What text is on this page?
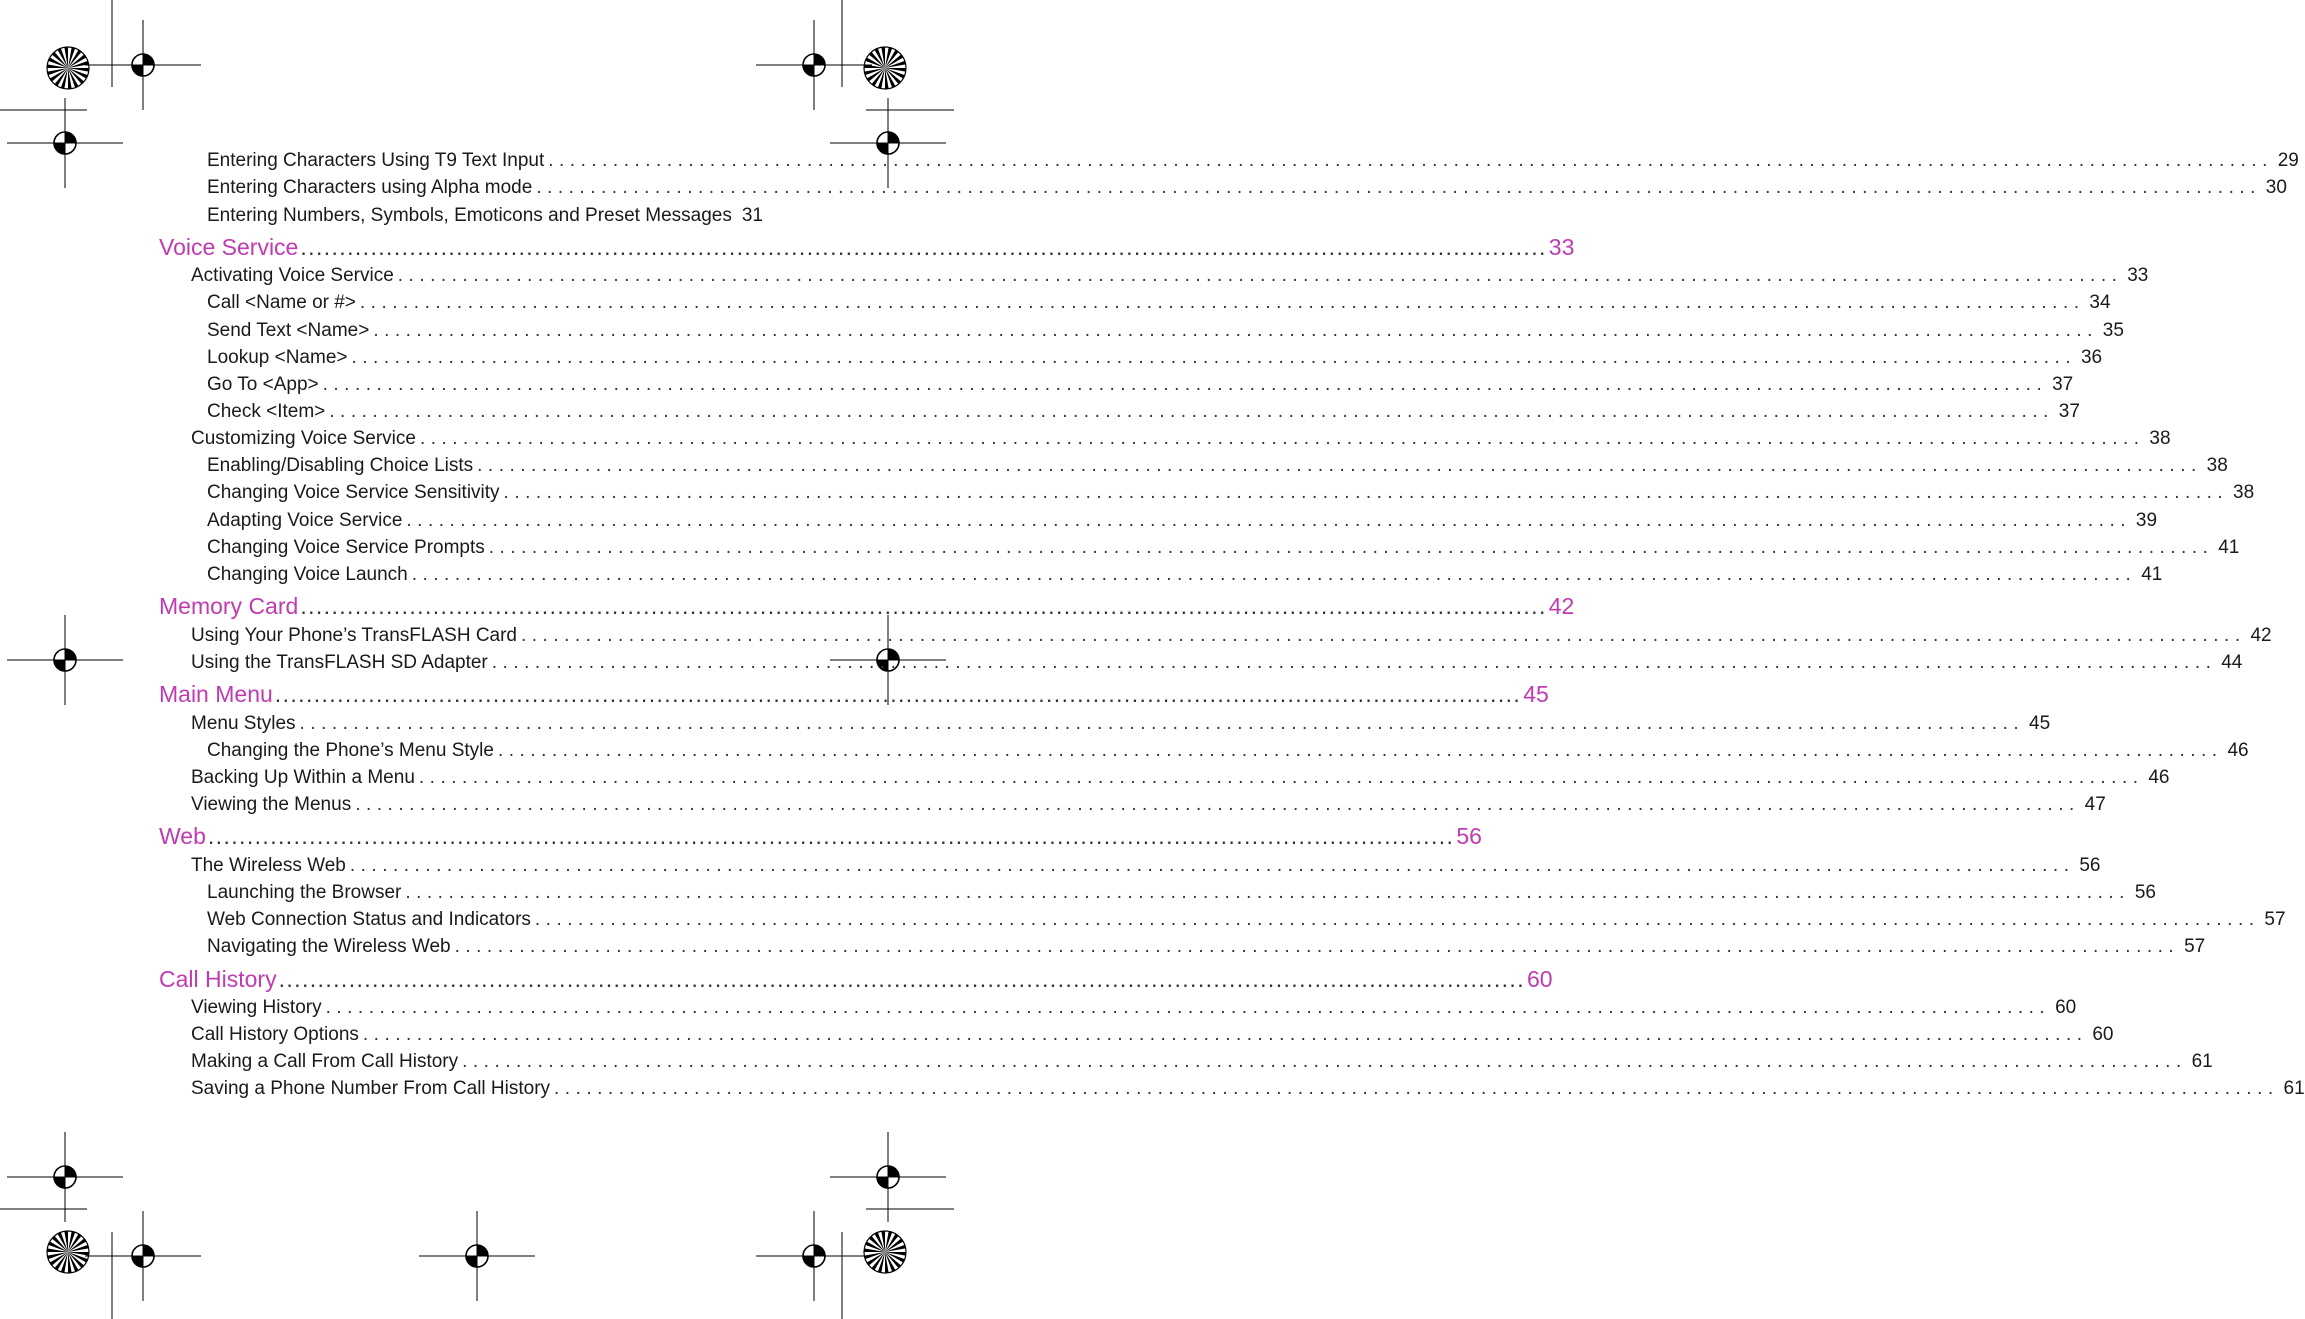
Entering Characters Using T9 Text Input ................................................................................................................................................................ 29
Entering Characters using Alpha mode ................................................................................................................................................................ 30
Entering Numbers, Symbols, Emoticons and Preset Messages 31
Voice Service ................................................................................................................................................................ 33
Activating Voice Service ................................................................................................................................................................ 33
Call <Name or #> ................................................................................................................................................................ 34
Send Text <Name> ................................................................................................................................................................ 35
Lookup <Name> ................................................................................................................................................................ 36
Go To <App> ................................................................................................................................................................ 37
Check <Item> ................................................................................................................................................................ 37
Customizing Voice Service ................................................................................................................................................................ 38
Enabling/Disabling Choice Lists ................................................................................................................................................................ 38
Changing Voice Service Sensitivity ................................................................................................................................................................ 38
Adapting Voice Service ................................................................................................................................................................ 39
Changing Voice Service Prompts ................................................................................................................................................................ 41
Changing Voice Launch ................................................................................................................................................................ 41
Memory Card ................................................................................................................................................................ 42
Using Your Phone’s TransFLASH Card ................................................................................................................................................................ 42
Using the TransFLASH SD Adapter ................................................................................................................................................................ 44
Main Menu ................................................................................................................................................................ 45
Menu Styles ................................................................................................................................................................ 45
Changing the Phone’s Menu Style ................................................................................................................................................................ 46
Backing Up Within a Menu ................................................................................................................................................................ 46
Viewing the Menus ................................................................................................................................................................ 47
Web ................................................................................................................................................................ 56
The Wireless Web ................................................................................................................................................................ 56
Launching the Browser ................................................................................................................................................................ 56
Web Connection Status and Indicators ................................................................................................................................................................ 57
Navigating the Wireless Web ................................................................................................................................................................ 57
Call History ................................................................................................................................................................ 60
Viewing History ................................................................................................................................................................ 60
Call History Options ................................................................................................................................................................ 60
Making a Call From Call History ................................................................................................................................................................ 61
Saving a Phone Number From Call History ................................................................................................................................................................ 61
